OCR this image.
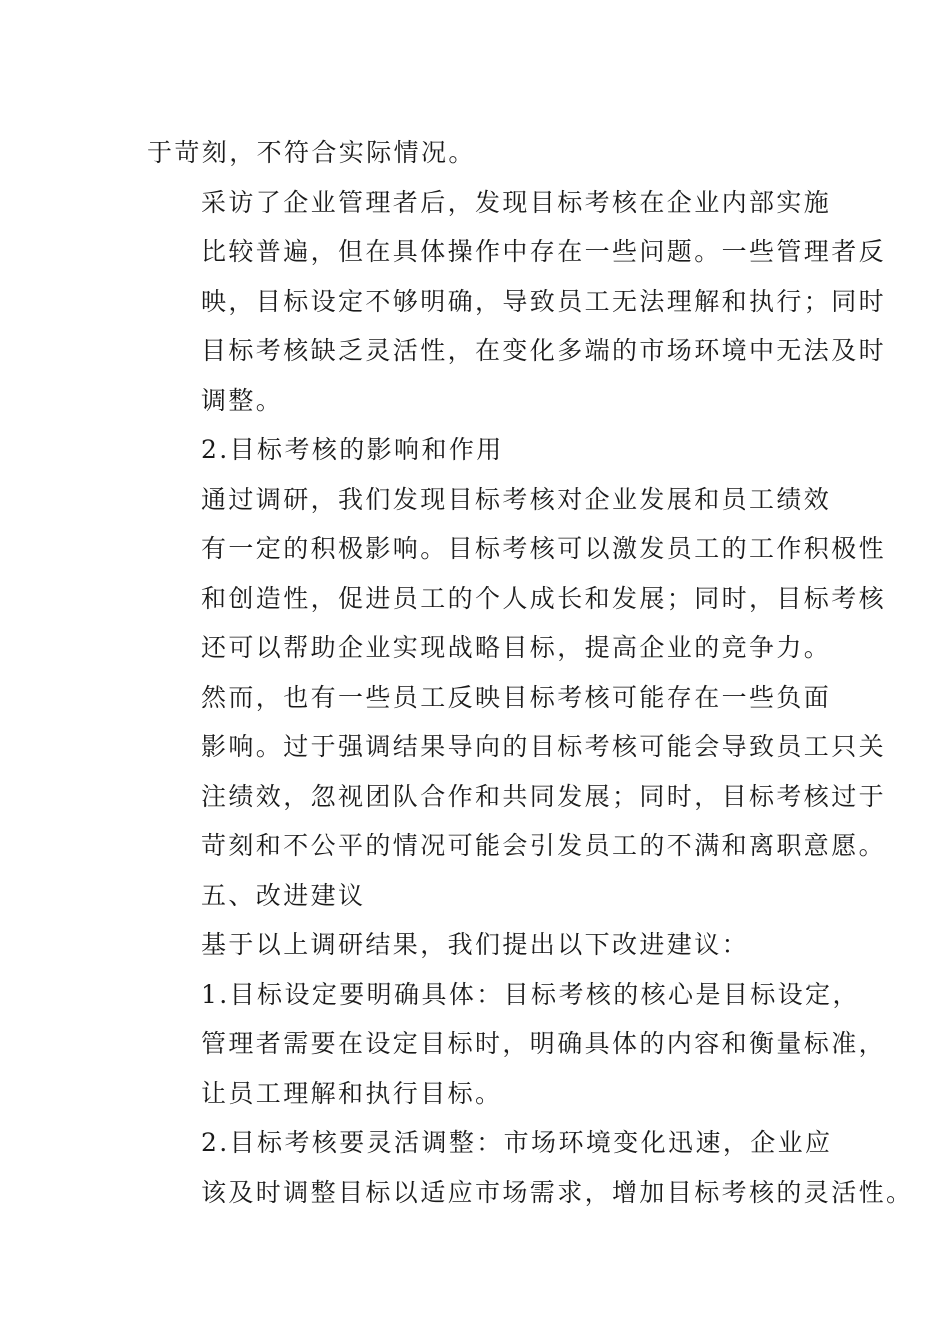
于苛刻，不符合实际情况。

采访了企业管理者后，发现目标考核在企业内部实施
比较普遍，但在具体操作中存在一些问题。一些管理者反
映，目标设定不够明确，导致员工无法理解和执行；同时
目标考核缺乏灵活性，在变化多端的市场环境中无法及时
调整。

2.目标考核的影响和作用

通过调研，我们发现目标考核对企业发展和员工绩效
有一定的积极影响。目标考核可以激发员工的工作积极性
和创造性，促进员工的个人成长和发展；同时，目标考核
还可以帮助企业实现战略目标，提高企业的竞争力。

然而，也有一些员工反映目标考核可能存在一些负面
影响。过于强调结果导向的目标考核可能会导致员工只关
注绩效，忽视团队合作和共同发展；同时，目标考核过于
苛刻和不公平的情况可能会引发员工的不满和离职意愿。

五、改进建议

基于以上调研结果，我们提出以下改进建议：

1.目标设定要明确具体：目标考核的核心是目标设定，
管理者需要在设定目标时，明确具体的内容和衡量标准，
让员工理解和执行目标。

2.目标考核要灵活调整：市场环境变化迅速，企业应
该及时调整目标以适应市场需求，增加目标考核的灵活性。
